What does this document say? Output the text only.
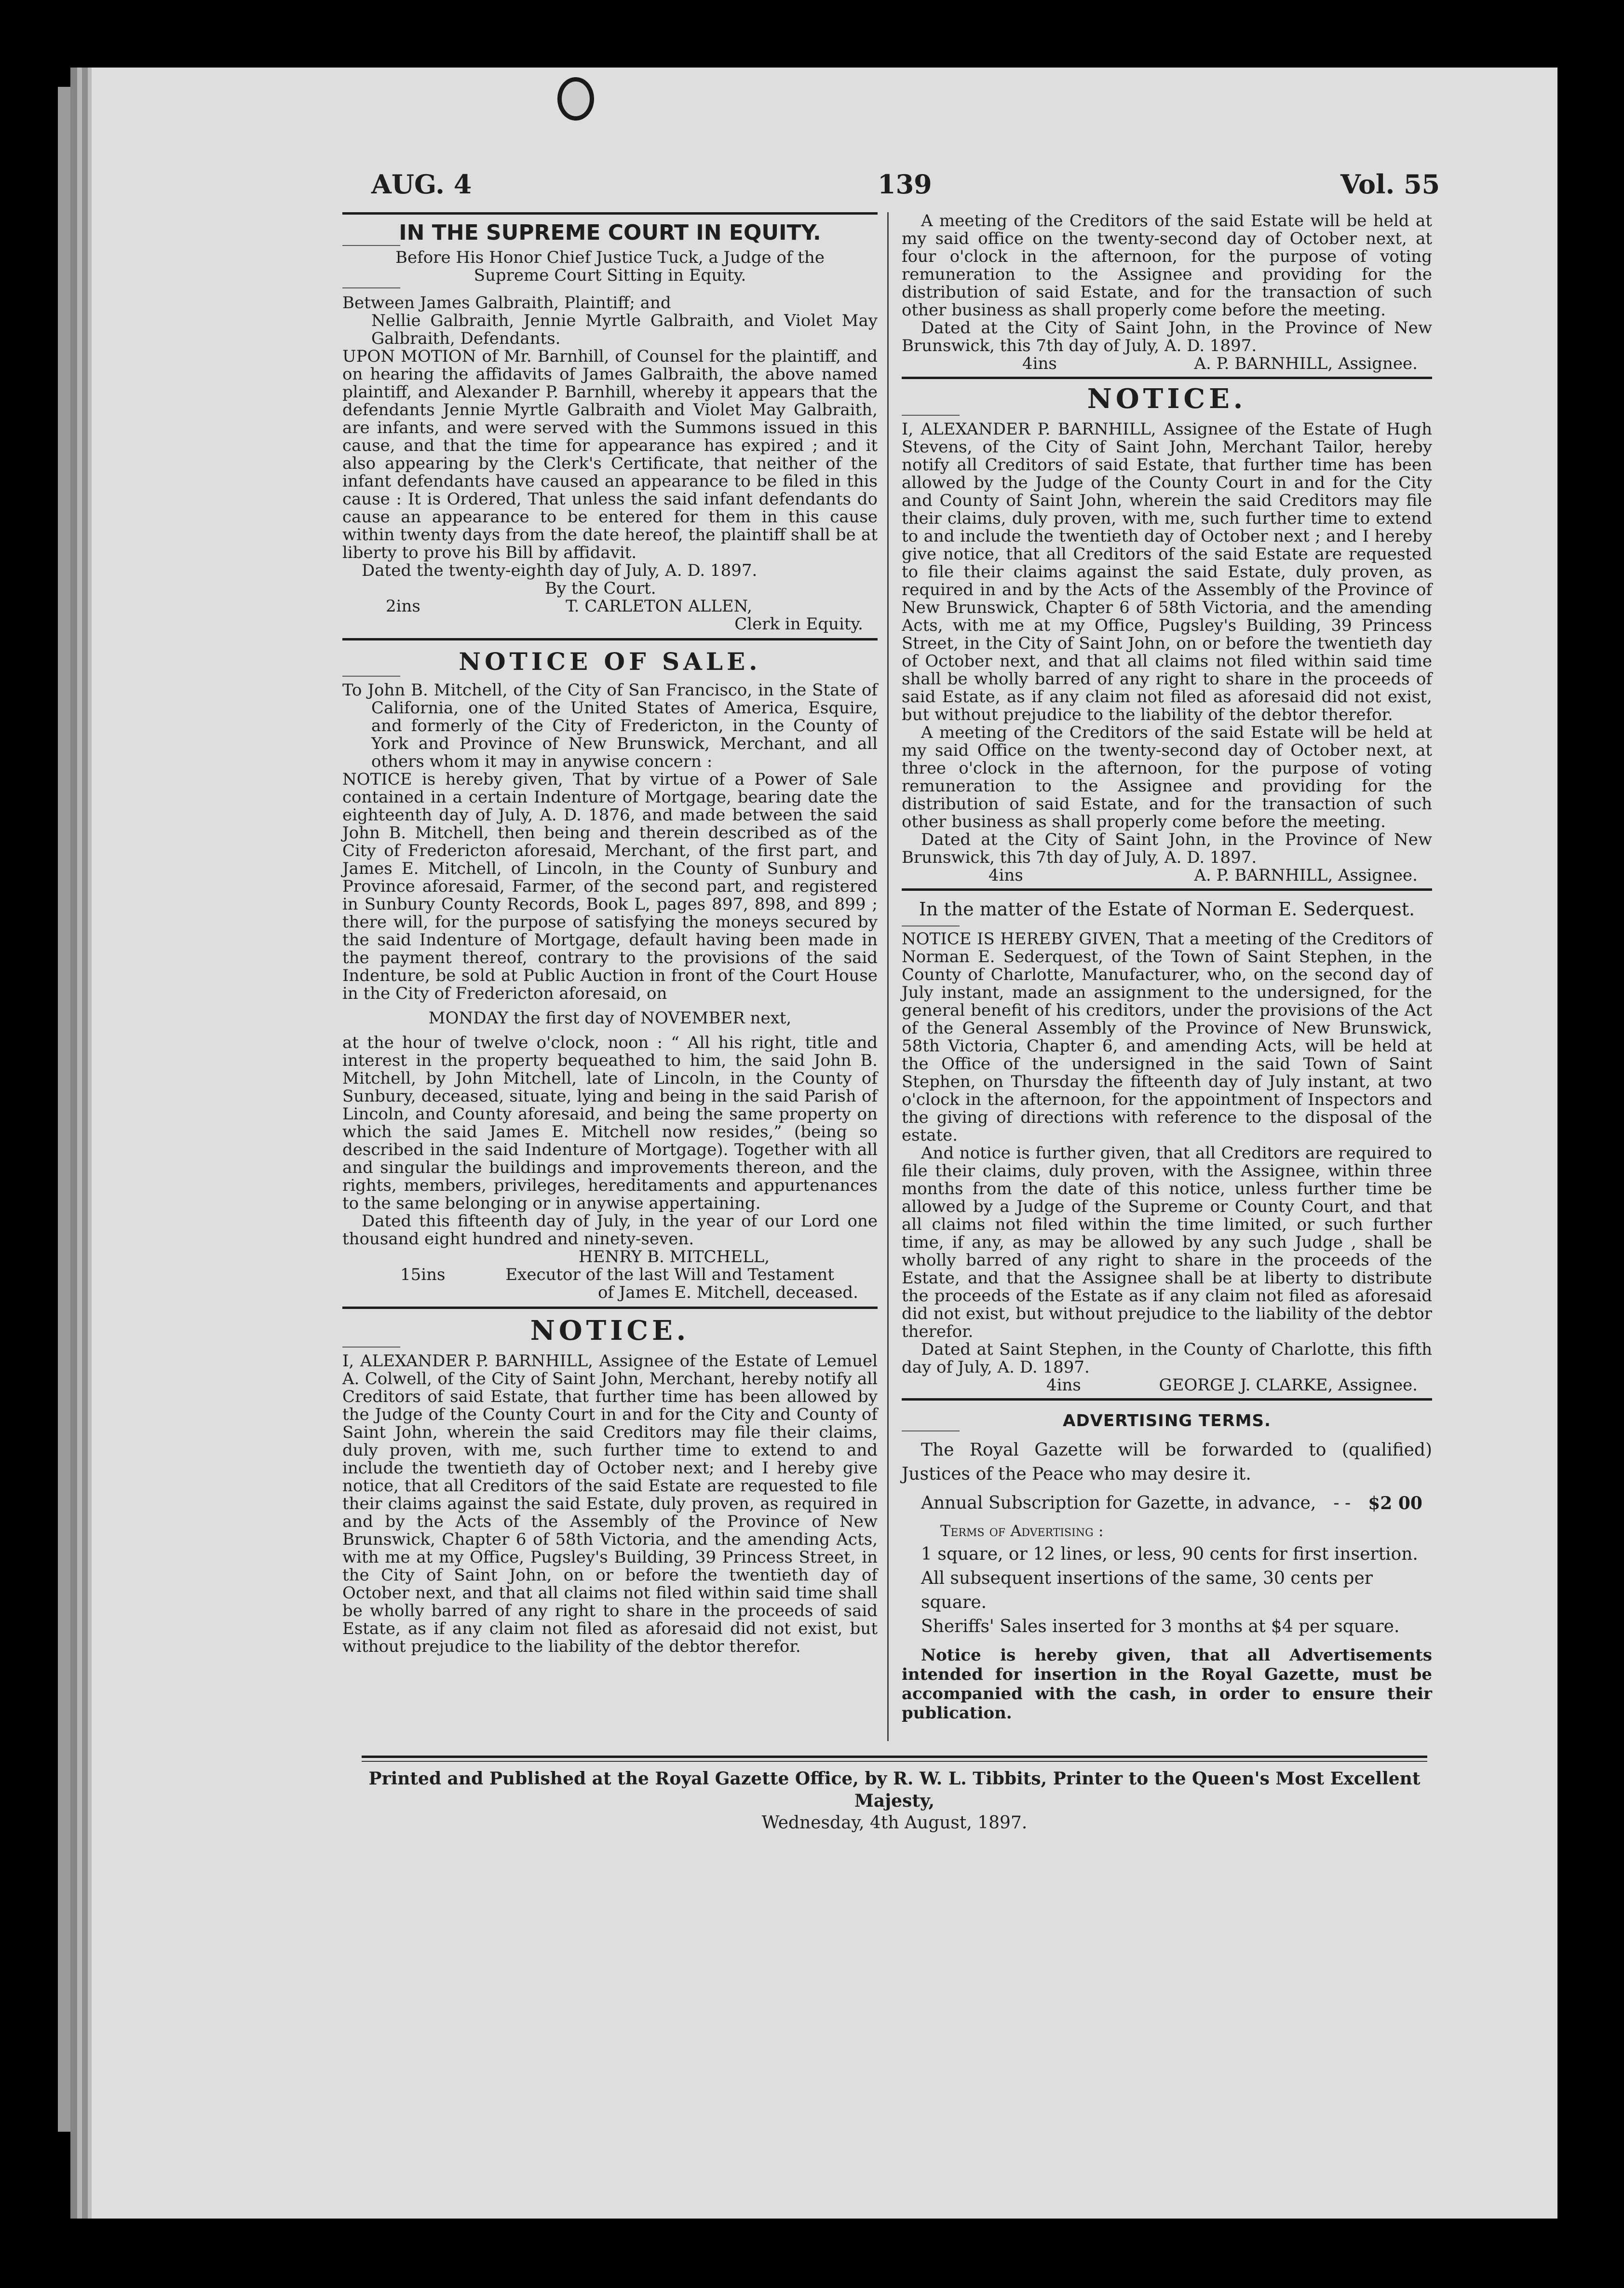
AUG. 4	139	Vol. 55
IN THE SUPREME COURT IN EQUITY.

Before His Honor Chief Justice Tuck, a Judge of the Supreme Court Sitting in Equity.

Between James Galbraith, Plaintiff; and

Nellie Galbraith, Jennie Myrtle Galbraith, and Violet May Galbraith, Defendants.

UPON MOTION of Mr. Barnhill, of Counsel for the plaintiff, and on hearing the affidavits of James Galbraith, the above named plaintiff, and Alexander P. Barnhill, whereby it appears that the defendants Jennie Myrtle Galbraith and Violet May Galbraith, are infants, and were served with the Summons issued in this cause, and that the time for appearance has expired ; and it also appearing by the Clerk's Certificate, that neither of the infant defendants have caused an appearance to be filed in this cause : It is Ordered, That unless the said infant defendants do cause an appearance to be entered for them in this cause within twenty days from the date hereof, the plaintiff shall be at liberty to prove his Bill by affidavit.

Dated the twenty-eighth day of July, A. D. 1897.

By the Court.

2ins	T. CARLETON ALLEN,

Clerk in Equity.

NOTICE OF SALE.

To John B. Mitchell, of the City of San Francisco, in the State of California, one of the United States of America, Esquire, and formerly of the City of Fredericton, in the County of York and Province of New Brunswick, Merchant, and all others whom it may in anywise concern :

NOTICE is hereby given, That by virtue of a Power of Sale contained in a certain Indenture of Mortgage, bearing date the eighteenth day of July, A. D. 1876, and made between the said John B. Mitchell, then being and therein described as of the City of Fredericton aforesaid, Merchant, of the first part, and James E. Mitchell, of Lincoln, in the County of Sunbury and Province aforesaid, Farmer, of the second part, and registered in Sunbury County Records, Book L, pages 897, 898, and 899 ; there will, for the purpose of satisfying the moneys secured by the said Indenture of Mortgage, default having been made in the payment thereof, contrary to the provisions of the said Indenture, be sold at Public Auction in front of the Court House in the City of Fredericton aforesaid, on

MONDAY the first day of NOVEMBER next,

at the hour of twelve o'clock, noon : “ All his right, title and interest in the property bequeathed to him, the said John B. Mitchell, by John Mitchell, late of Lincoln, in the County of Sunbury, deceased, situate, lying and being in the said Parish of Lincoln, and County aforesaid, and being the same property on which the said James E. Mitchell now resides,” (being so described in the said Indenture of Mortgage). Together with all and singular the buildings and improvements thereon, and the rights, members, privileges, hereditaments and appurtenances to the same belonging or in anywise appertaining.

Dated this fifteenth day of July, in the year of our Lord one thousand eight hundred and ninety-seven.

HENRY B. MITCHELL,

15ins	Executor of the last Will and Testament

of James E. Mitchell, deceased.

NOTICE.

I, ALEXANDER P. BARNHILL, Assignee of the Estate of Lemuel A. Colwell, of the City of Saint John, Merchant, hereby notify all Creditors of said Estate, that further time has been allowed by the Judge of the County Court in and for the City and County of Saint John, wherein the said Creditors may file their claims, duly proven, with me, such further time to extend to and include the twentieth day of October next; and I hereby give notice, that all Creditors of the said Estate are requested to file their claims against the said Estate, duly proven, as required in and by the Acts of the Assembly of the Province of New Brunswick, Chapter 6 of 58th Victoria, and the amending Acts, with me at my Office, Pugsley's Building, 39 Princess Street, in the City of Saint John, on or before the twentieth day of October next, and that all claims not filed within said time shall be wholly barred of any right to share in the proceeds of said Estate, as if any claim not filed as aforesaid did not exist, but without prejudice to the liability of the debtor therefor.

A meeting of the Creditors of the said Estate will be held at my said office on the twenty-second day of October next, at four o'clock in the afternoon, for the purpose of voting remuneration to the Assignee and providing for the distribution of said Estate, and for the transaction of such other business as shall properly come before the meeting.

Dated at the City of Saint John, in the Province of New Brunswick, this 7th day of July, A. D. 1897.

4ins	A. P. BARNHILL, Assignee.
NOTICE.

I, ALEXANDER P. BARNHILL, Assignee of the Estate of Hugh Stevens, of the City of Saint John, Merchant Tailor, hereby notify all Creditors of said Estate, that further time has been allowed by the Judge of the County Court in and for the City and County of Saint John, wherein the said Creditors may file their claims, duly proven, with me, such further time to extend to and include the twentieth day of October next ; and I hereby give notice, that all Creditors of the said Estate are requested to file their claims against the said Estate, duly proven, as required in and by the Acts of the Assembly of the Province of New Brunswick, Chapter 6 of 58th Victoria, and the amending Acts, with me at my Office, Pugsley's Building, 39 Princess Street, in the City of Saint John, on or before the twentieth day of October next, and that all claims not filed within said time shall be wholly barred of any right to share in the proceeds of said Estate, as if any claim not filed as aforesaid did not exist, but without prejudice to the liability of the debtor therefor.

A meeting of the Creditors of the said Estate will be held at my said Office on the twenty-second day of October next, at three o'clock in the afternoon, for the purpose of voting remuneration to the Assignee and providing for the distribution of said Estate, and for the transaction of such other business as shall properly come before the meeting.

Dated at the City of Saint John, in the Province of New Brunswick, this 7th day of July, A. D. 1897.

4ins	A. P. BARNHILL, Assignee.

In the matter of the Estate of Norman E. Sederquest.

NOTICE IS HEREBY GIVEN, That a meeting of the Creditors of Norman E. Sederquest, of the Town of Saint Stephen, in the County of Charlotte, Manufacturer, who, on the second day of July instant, made an assignment to the undersigned, for the general benefit of his creditors, under the provisions of the Act of the General Assembly of the Province of New Brunswick, 58th Victoria, Chapter 6, and amending Acts, will be held at the Office of the undersigned in the said Town of Saint Stephen, on Thursday the fifteenth day of July instant, at two o'clock in the afternoon, for the appointment of Inspectors and the giving of directions with reference to the disposal of the estate.

And notice is further given, that all Creditors are required to file their claims, duly proven, with the Assignee, within three months from the date of this notice, unless further time be allowed by a Judge of the Supreme or County Court, and that all claims not filed within the time limited, or such further time, if any, as may be allowed by any such Judge , shall be wholly barred of any right to share in the proceeds of the Estate, and that the Assignee shall be at liberty to distribute the proceeds of the Estate as if any claim not filed as aforesaid did not exist, but without prejudice to the liability of the debtor therefor.

Dated at Saint Stephen, in the County of Charlotte, this fifth day of July, A. D. 1897.

4ins	GEORGE J. CLARKE, Assignee.
ADVERTISING TERMS.

The Royal Gazette will be forwarded to (qualified) Justices of the Peace who may desire it.

Annual Subscription for Gazette, in advance, - - $2 00

Terms of Advertising :

1 square, or 12 lines, or less, 90 cents for first insertion.

All subsequent insertions of the same, 30 cents per square.

Sheriffs' Sales inserted for 3 months at $4 per square.

Notice is hereby given, that all Advertisements intended for insertion in the Royal Gazette, must be accompanied with the cash, in order to ensure their publication.

Printed and Published at the Royal Gazette Office, by R. W. L. Tibbits, Printer to the Queen's Most Excellent Majesty,

Wednesday, 4th August, 1897.
